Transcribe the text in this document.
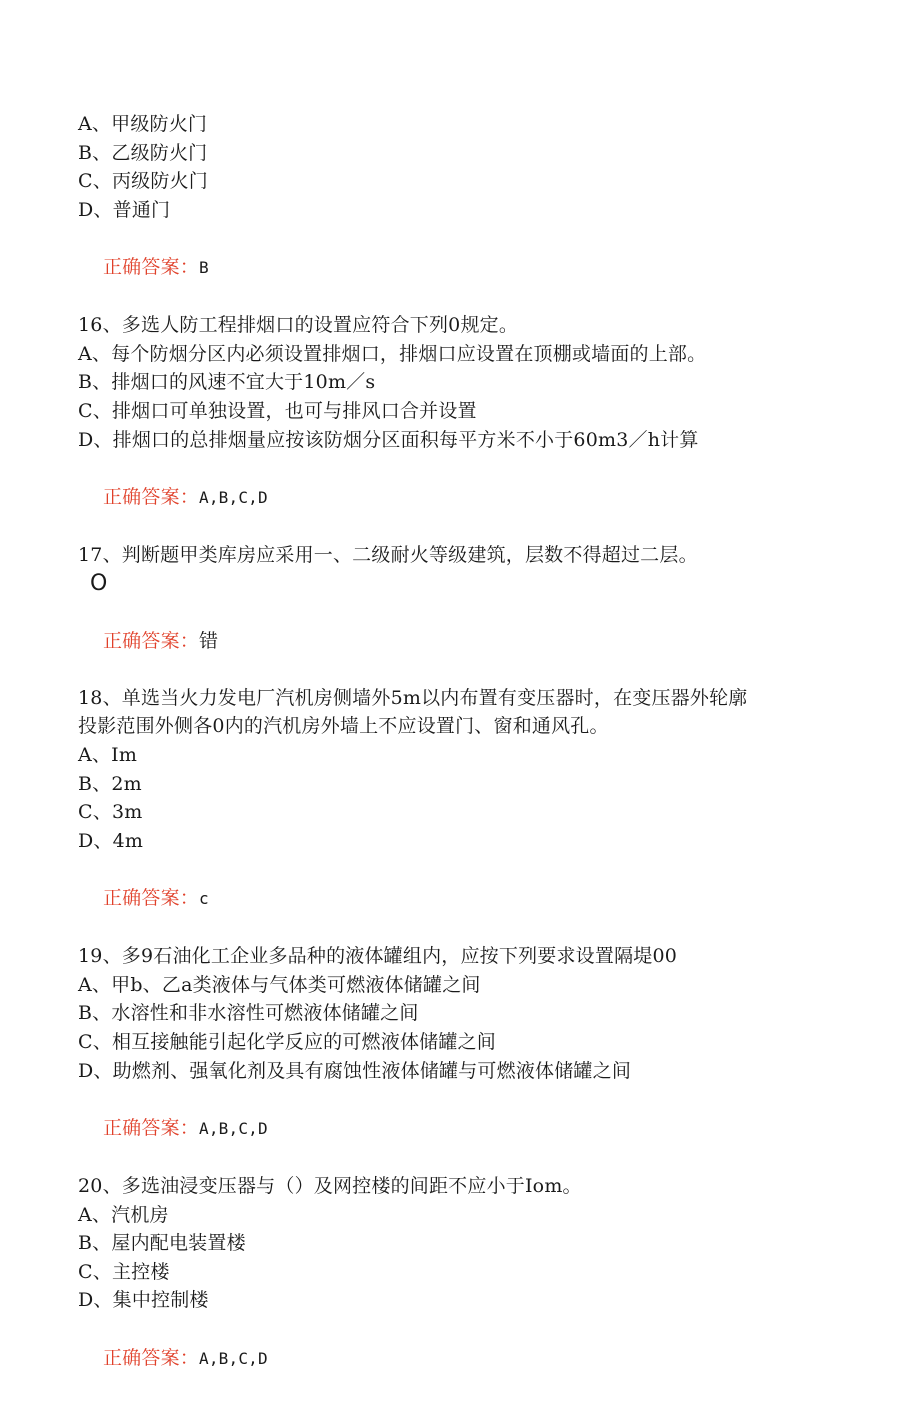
A、甲级防火门
B、乙级防火门
C、丙级防火门
D、普通门

正确答案：B

16、多选人防工程排烟口的设置应符合下列0规定。
A、每个防烟分区内必须设置排烟口，排烟口应设置在顶棚或墙面的上部。
B、排烟口的风速不宜大于10m／s
C、排烟口可单独设置，也可与排风口合并设置
D、排烟口的总排烟量应按该防烟分区面积每平方米不小于60m3／h计算

正确答案：A,B,C,D

17、判断题甲类库房应采用一、二级耐火等级建筑，层数不得超过二层。
O

正确答案：错

18、单选当火力发电厂汽机房侧墙外5m以内布置有变压器时，在变压器外轮廓
投影范围外侧各0内的汽机房外墙上不应设置门、窗和通风孔。
A、Im
B、2m
C、3m
D、4m

正确答案：c

19、多9石油化工企业多品种的液体罐组内，应按下列要求设置隔堤00
A、甲b、乙a类液体与气体类可燃液体储罐之间
B、水溶性和非水溶性可燃液体储罐之间
C、相互接触能引起化学反应的可燃液体储罐之间
D、助燃剂、强氧化剂及具有腐蚀性液体储罐与可燃液体储罐之间

正确答案：A,B,C,D

20、多选油浸变压器与（）及网控楼的间距不应小于Iom。
A、汽机房
B、屋内配电装置楼
C、主控楼
D、集中控制楼

正确答案：A,B,C,D
